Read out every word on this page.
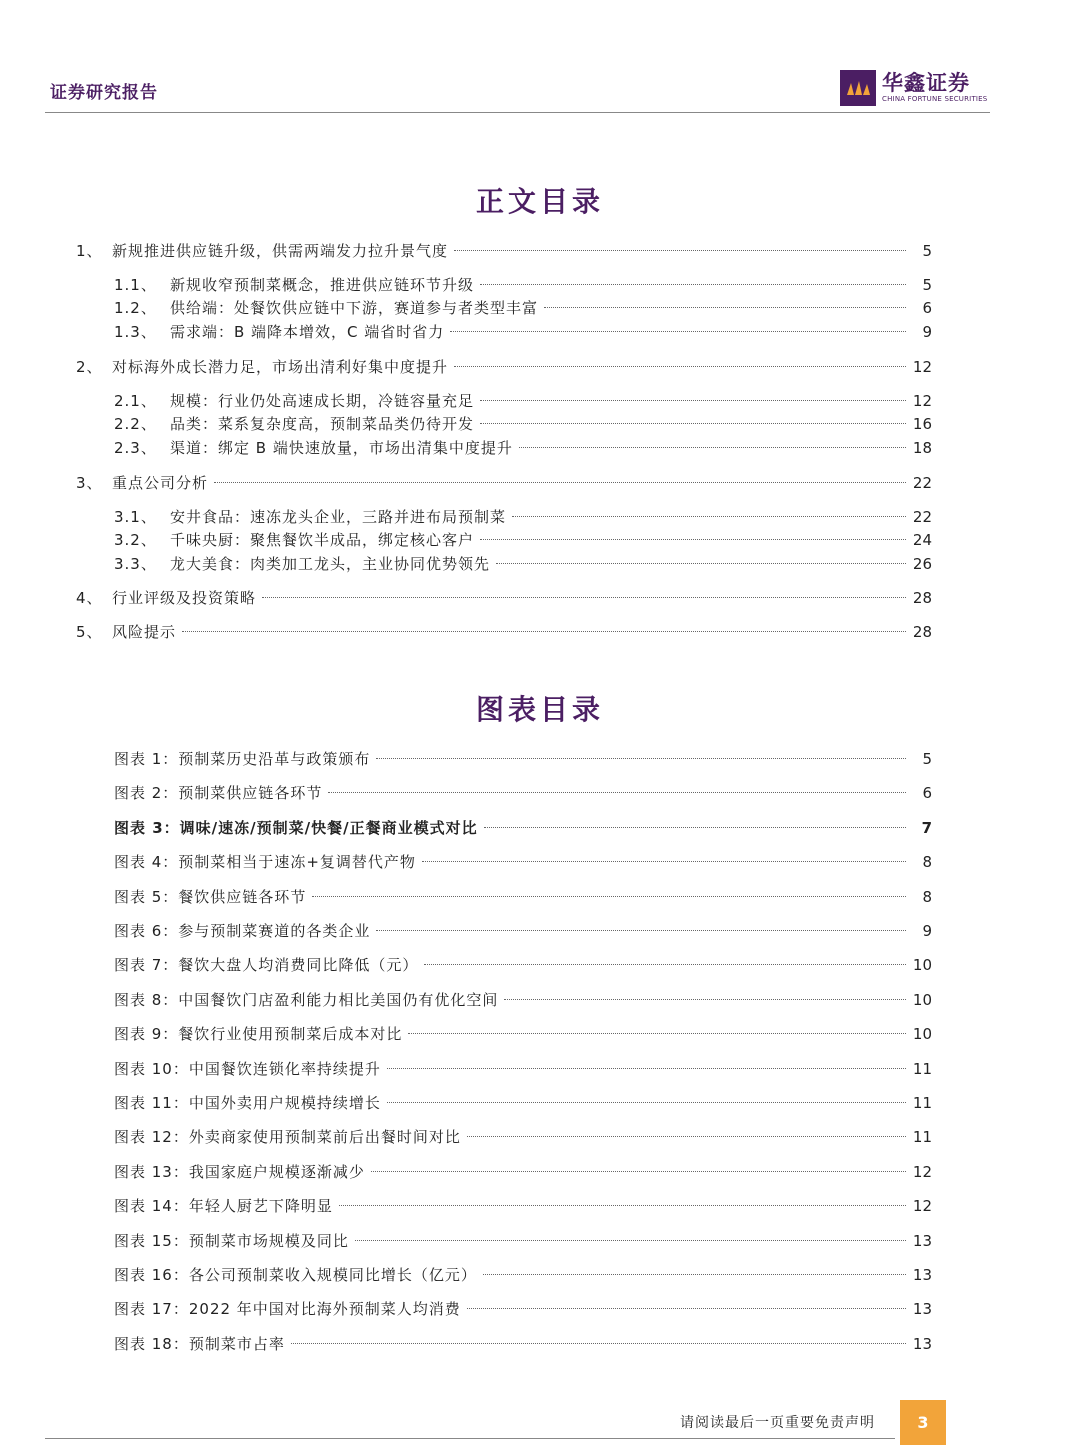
证券研究报告	华鑫证券
CHINA FORTUNE SECURITIES
正文目录
1、 新规推进供应链升级，供需两端发力拉升景气度	5
1.1、 新规收窄预制菜概念，推进供应链环节升级	5
1.2、 供给端：处餐饮供应链中下游，赛道参与者类型丰富	6
1.3、 需求端：B 端降本增效，C 端省时省力	9
2、 对标海外成长潜力足，市场出清利好集中度提升	12
2.1、 规模：行业仍处高速成长期，冷链容量充足	12
2.2、 品类：菜系复杂度高，预制菜品类仍待开发	16
2.3、 渠道：绑定 B 端快速放量，市场出清集中度提升	18
3、 重点公司分析	22
3.1、 安井食品：速冻龙头企业，三路并进布局预制菜	22
3.2、 千味央厨：聚焦餐饮半成品，绑定核心客户	24
3.3、 龙大美食：肉类加工龙头，主业协同优势领先	26
4、 行业评级及投资策略	28
5、 风险提示	28
图表目录
图表 1：预制菜历史沿革与政策颁布	5
图表 2：预制菜供应链各环节	6
图表 3：调味/速冻/预制菜/快餐/正餐商业模式对比	7
图表 4：预制菜相当于速冻+复调替代产物	8
图表 5：餐饮供应链各环节	8
图表 6：参与预制菜赛道的各类企业	9
图表 7：餐饮大盘人均消费同比降低（元）	10
图表 8：中国餐饮门店盈利能力相比美国仍有优化空间	10
图表 9：餐饮行业使用预制菜后成本对比	10
图表 10：中国餐饮连锁化率持续提升	11
图表 11：中国外卖用户规模持续增长	11
图表 12：外卖商家使用预制菜前后出餐时间对比	11
图表 13：我国家庭户规模逐渐减少	12
图表 14：年轻人厨艺下降明显	12
图表 15：预制菜市场规模及同比	13
图表 16：各公司预制菜收入规模同比增长（亿元）	13
图表 17：2022 年中国对比海外预制菜人均消费	13
图表 18：预制菜市占率	13
请阅读最后一页重要免责声明	3
